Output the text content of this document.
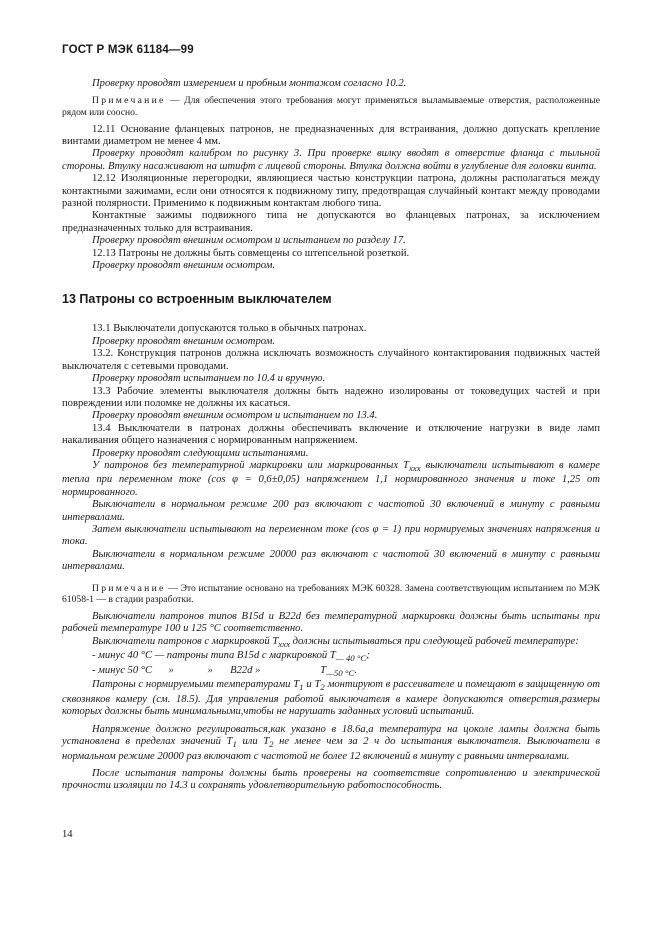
ГОСТ Р МЭК 61184—99

Проверку проводят измерением и пробным монтажом согласно 10.2.

Примечание — Для обеспечения этого требования могут применяться выламываемые отверстия, расположенные рядом или соосно.

12.11 Основание фланцевых патронов, не предназначенных для встраивания, должно допускать крепление винтами диаметром не менее 4 мм.

Проверку проводят калибром по рисунку 3. При проверке вилку вводят в отверстие фланца с тыльной стороны. Втулку насаживают на штифт с лицевой стороны. Втулка должна войти в углубление для головки винта.

12.12 Изоляционные перегородки, являющиеся частью конструкции патрона, должны располагаться между контактными зажимами, если они относятся к подвижному типу, предотвращая случайный контакт между проводами разной полярности. Применимо к подвижным контактам любого типа.

Контактные зажимы подвижного типа не допускаются во фланцевых патронах, за исключением предназначенных только для встраивания.

Проверку проводят внешним осмотром и испытанием по разделу 17.

12.13 Патроны не должны быть совмещены со штепсельной розеткой.

Проверку проводят внешним осмотром.

13 Патроны со встроенным выключателем

13.1 Выключатели допускаются только в обычных патронах.

Проверку проводят внешним осмотром.

13.2. Конструкция патронов должна исключать возможность случайного контактирования подвижных частей выключателя с сетевыми проводами.

Проверку проводят испытанием по 10.4 и вручную.

13.3 Рабочие элементы выключателя должны быть надежно изолированы от токоведущих частей и при повреждении или поломке не должны их касаться.

Проверку проводят внешним осмотром и испытанием по 13.4.

13.4 Выключатели в патронах должны обеспечивать включение и отключение нагрузки в виде ламп накаливания общего назначения с нормированным напряжением.

Проверку проводят следующими испытаниями.

У патронов без температурной маркировки или маркированных $T_{xxx}$ выключатели испытывают в камере тепла при переменном токе (cos φ = 0,6±0,05) напряжением 1,1 нормированного значения и токе 1,25 от нормированного.

Выключатели в нормальном режиме 200 раз включают с частотой 30 включений в минуту с равными интервалами.

Затем выключатели испытывают на переменном токе (cos φ = 1) при нормируемых значениях напряжения и тока.

Выключатели в нормальном режиме 20000 раз включают с частотой 30 включений в минуту с равными интервалами.

Примечание — Это испытание основано на требованиях МЭК 60328. Замена соответствующим испытанием по МЭК 61058-1 — в стадии разработки.

Выключатели патронов типов B15d и B22d без температурной маркировки должны быть испытаны при рабочей температуре 100 и 125 °С соответственно.

Выключатели патронов с маркировкой $T_{xxx}$ должны испытываться при следующей рабочей температуре:

- минус 40 °С — патроны типа B15d с маркировкой $T_{— 40 ^\circ С}$;

- минус 50 °С »	» B22d »	$T_{—50 ^\circ С}$.

Патроны с нормируемыми температурами $T_1$ и $T_2$ монтируют в рассеивателе и помещают в защищенную от сквозняков камеру (см. 18.5). Для управления работой выключателя в камере допускаются отверстия,размеры которых должны быть минимальными,чтобы не нарушать заданных условий испытаний.

Напряжение должно регулироваться,как указано в 18.6а,а температура на цоколе лампы должна быть установлена в пределах значений $T_1$ или $T_2$ не менее чем за 2 ч до испытания выключателя. Выключатели в нормальном режиме 20000 раз включают с частотой не более 12 включений в минуту с равными интервалами.

После испытания патроны должны быть проверены на соответствие сопротивлению и электрической прочности изоляции по 14.3 и сохранять удовлетворительную работоспособность.

14
